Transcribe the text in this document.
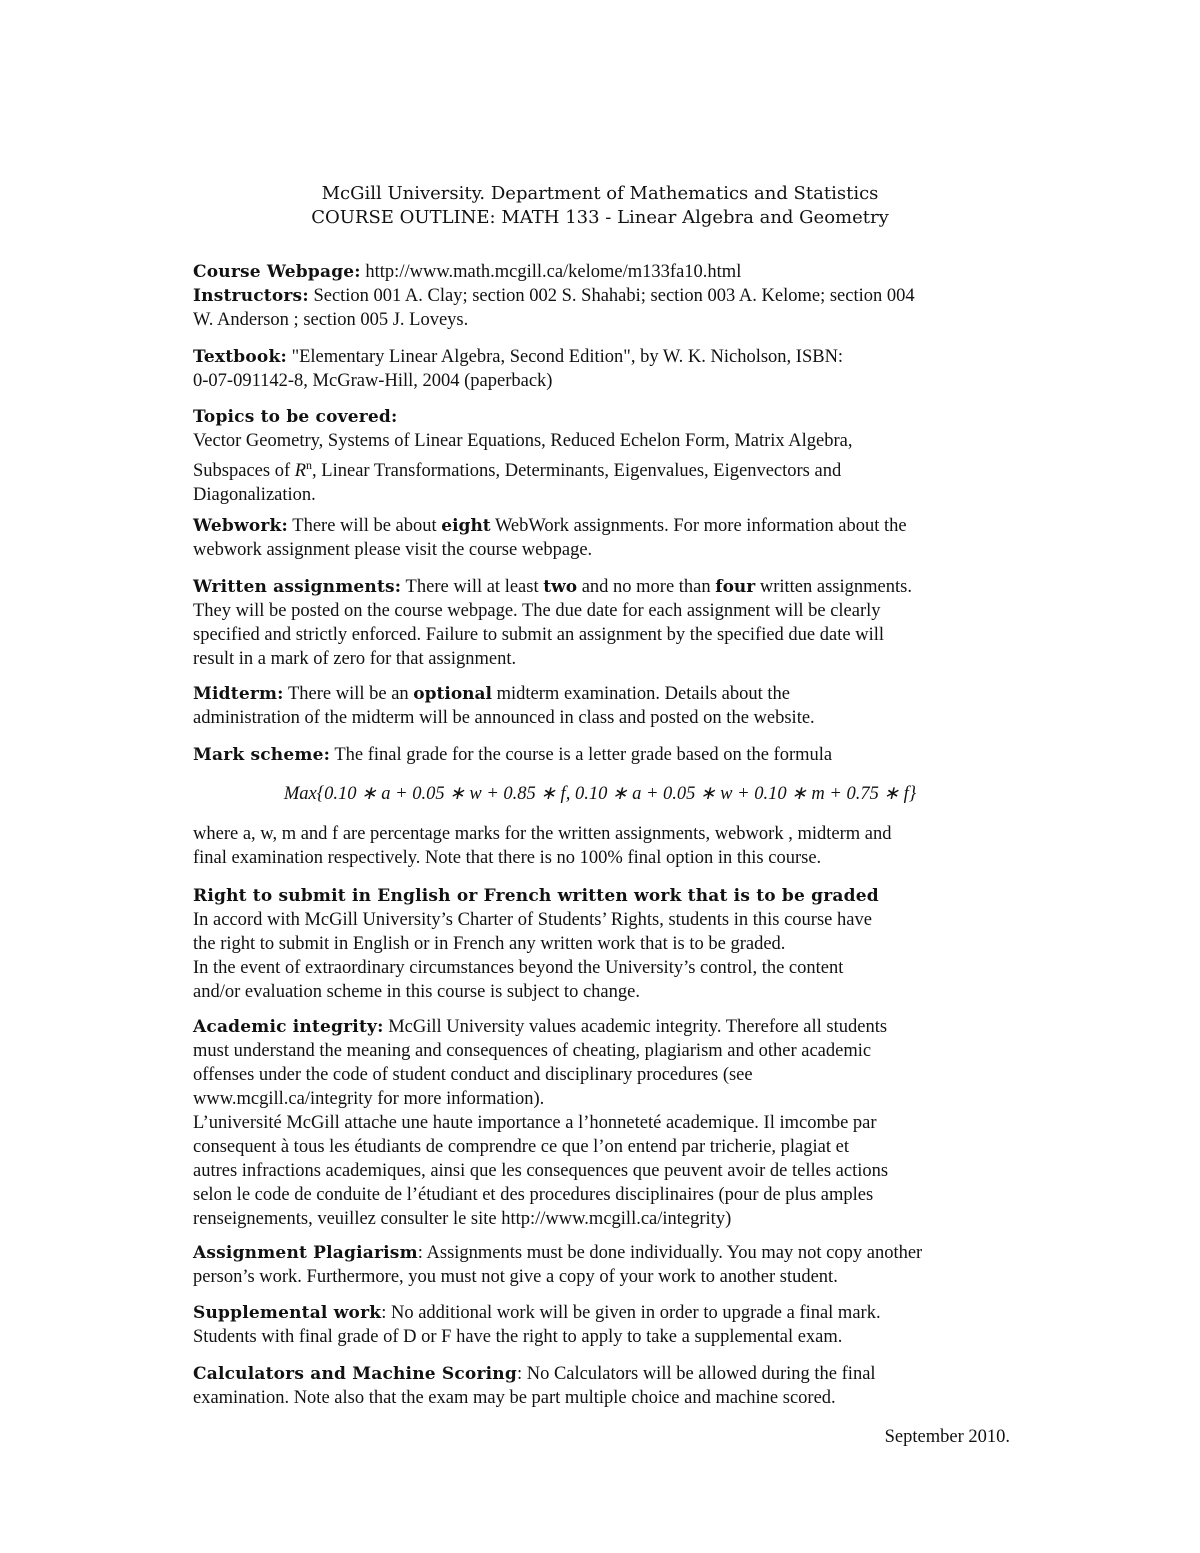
McGill University. Department of Mathematics and Statistics
COURSE OUTLINE: MATH 133 - Linear Algebra and Geometry
Course Webpage: http://www.math.mcgill.ca/kelome/m133fa10.html
Instructors: Section 001 A. Clay; section 002 S. Shahabi; section 003 A. Kelome; section 004
W. Anderson ; section 005 J. Loveys.
Textbook: "Elementary Linear Algebra, Second Edition", by W. K. Nicholson, ISBN:
0-07-091142-8, McGraw-Hill, 2004 (paperback)
Topics to be covered:
Vector Geometry, Systems of Linear Equations, Reduced Echelon Form, Matrix Algebra,
Subspaces of $R^n$, Linear Transformations, Determinants, Eigenvalues, Eigenvectors and
Diagonalization.
Webwork: There will be about eight WebWork assignments. For more information about the
webwork assignment please visit the course webpage.
Written assignments: There will at least two and no more than four written assignments.
They will be posted on the course webpage. The due date for each assignment will be clearly
specified and strictly enforced. Failure to submit an assignment by the specified due date will
result in a mark of zero for that assignment.
Midterm: There will be an optional midterm examination. Details about the
administration of the midterm will be announced in class and posted on the website.
Mark scheme: The final grade for the course is a letter grade based on the formula
Max{0.10 ∗ a + 0.05 ∗ w + 0.85 ∗ f, 0.10 ∗ a + 0.05 ∗ w + 0.10 ∗ m + 0.75 ∗ f}
where a, w, m and f are percentage marks for the written assignments, webwork , midterm and
final examination respectively. Note that there is no 100% final option in this course.
Right to submit in English or French written work that is to be graded
In accord with McGill University’s Charter of Students’ Rights, students in this course have
the right to submit in English or in French any written work that is to be graded.
In the event of extraordinary circumstances beyond the University’s control, the content
and/or evaluation scheme in this course is subject to change.
Academic integrity: McGill University values academic integrity. Therefore all students
must understand the meaning and consequences of cheating, plagiarism and other academic
offenses under the code of student conduct and disciplinary procedures (see
www.mcgill.ca/integrity for more information).
L’université McGill attache une haute importance a l’honneteté academique. Il imcombe par
consequent à tous les étudiants de comprendre ce que l’on entend par tricherie, plagiat et
autres infractions academiques, ainsi que les consequences que peuvent avoir de telles actions
selon le code de conduite de l’étudiant et des procedures disciplinaires (pour de plus amples
renseignements, veuillez consulter le site http://www.mcgill.ca/integrity)
Assignment Plagiarism: Assignments must be done individually. You may not copy another
person’s work. Furthermore, you must not give a copy of your work to another student.
Supplemental work: No additional work will be given in order to upgrade a final mark.
Students with final grade of D or F have the right to apply to take a supplemental exam.
Calculators and Machine Scoring: No Calculators will be allowed during the final
examination. Note also that the exam may be part multiple choice and machine scored.
September 2010.
